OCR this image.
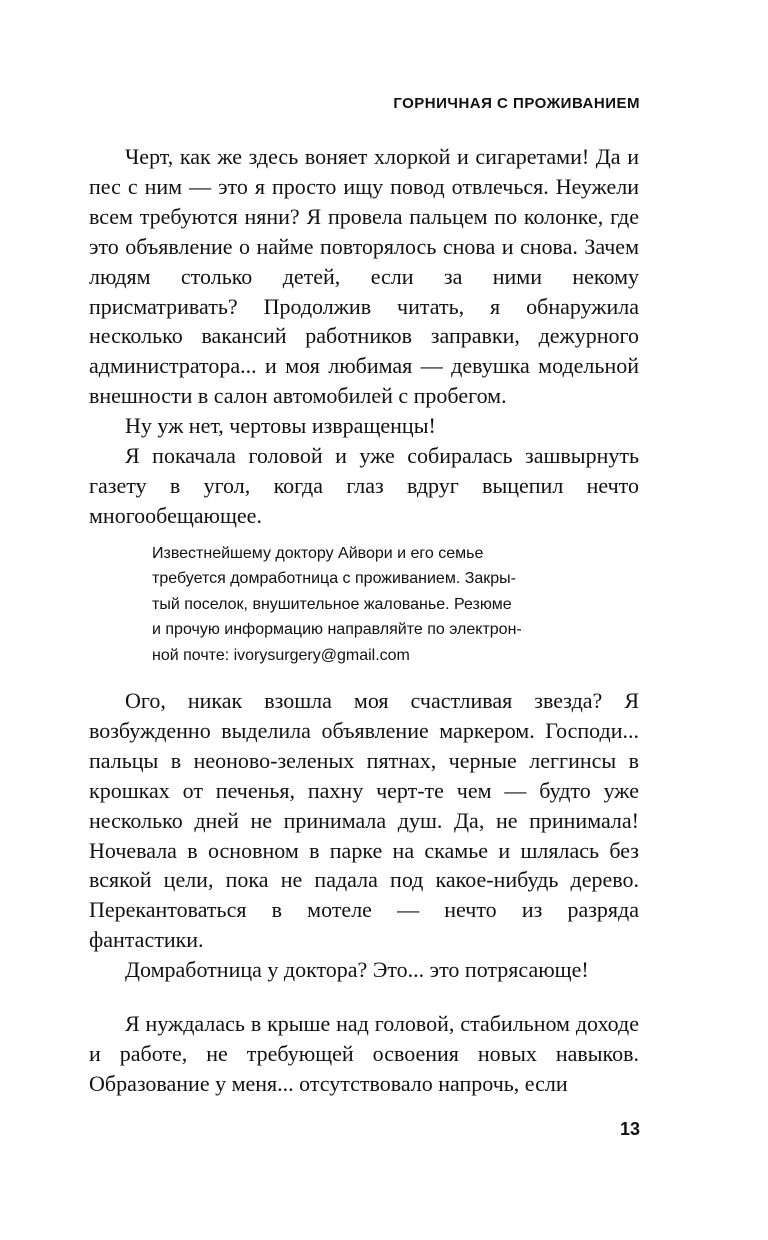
ГОРНИЧНАЯ С ПРОЖИВАНИЕМ

Черт, как же здесь воняет хлоркой и сигаретами! Да и пес с ним — это я просто ищу повод отвлечься. Неужели всем требуются няни? Я провела пальцем по колонке, где это объявление о найме повторялось снова и снова. Зачем людям столько детей, если за ними некому присматривать? Продолжив читать, я обнаружила несколько вакансий работников заправки, дежурного администратора... и моя любимая — девушка модельной внешности в салон автомобилей с пробегом.

Ну уж нет, чертовы извращенцы!

Я покачала головой и уже собиралась зашвырнуть газету в угол, когда глаз вдруг выцепил нечто многообещающее.

Известнейшему доктору Айвори и его семье
требуется домработница с проживанием. Закры-
тый поселок, внушительное жалованье. Резюме
и прочую информацию направляйте по электрон-
ной почте: ivorysurgery@gmail.com

Ого, никак взошла моя счастливая звезда? Я возбужденно выделила объявление маркером. Господи... пальцы в неоново-зеленых пятнах, черные леггинсы в крошках от печенья, пахну черт-те чем — будто уже несколько дней не принимала душ. Да, не принимала! Ночевала в основном в парке на скамье и шлялась без всякой цели, пока не падала под какое-нибудь дерево. Перекантоваться в мотеле — нечто из разряда фантастики.

Домработница у доктора? Это... это потрясающе!

Я нуждалась в крыше над головой, стабильном доходе и работе, не требующей освоения новых навыков. Образование у меня... отсутствовало напрочь, если

13
